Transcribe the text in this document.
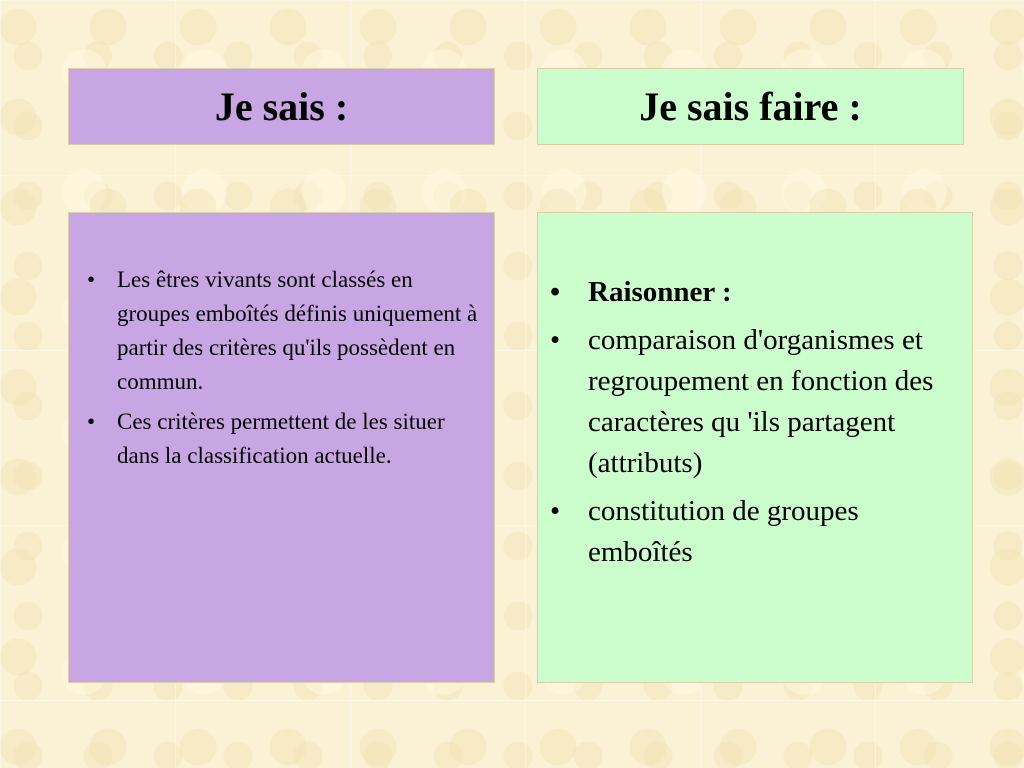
Je sais :	Je sais faire :
• Les êtres vivants sont classés en groupes emboîtés définis uniquement à partir des critères qu'ils possèdent en commun.
• Ces critères permettent de les situer dans la classification actuelle.
• Raisonner :
• comparaison d'organismes et regroupement en fonction des caractères qu 'ils partagent (attributs)
• constitution de groupes emboîtés
